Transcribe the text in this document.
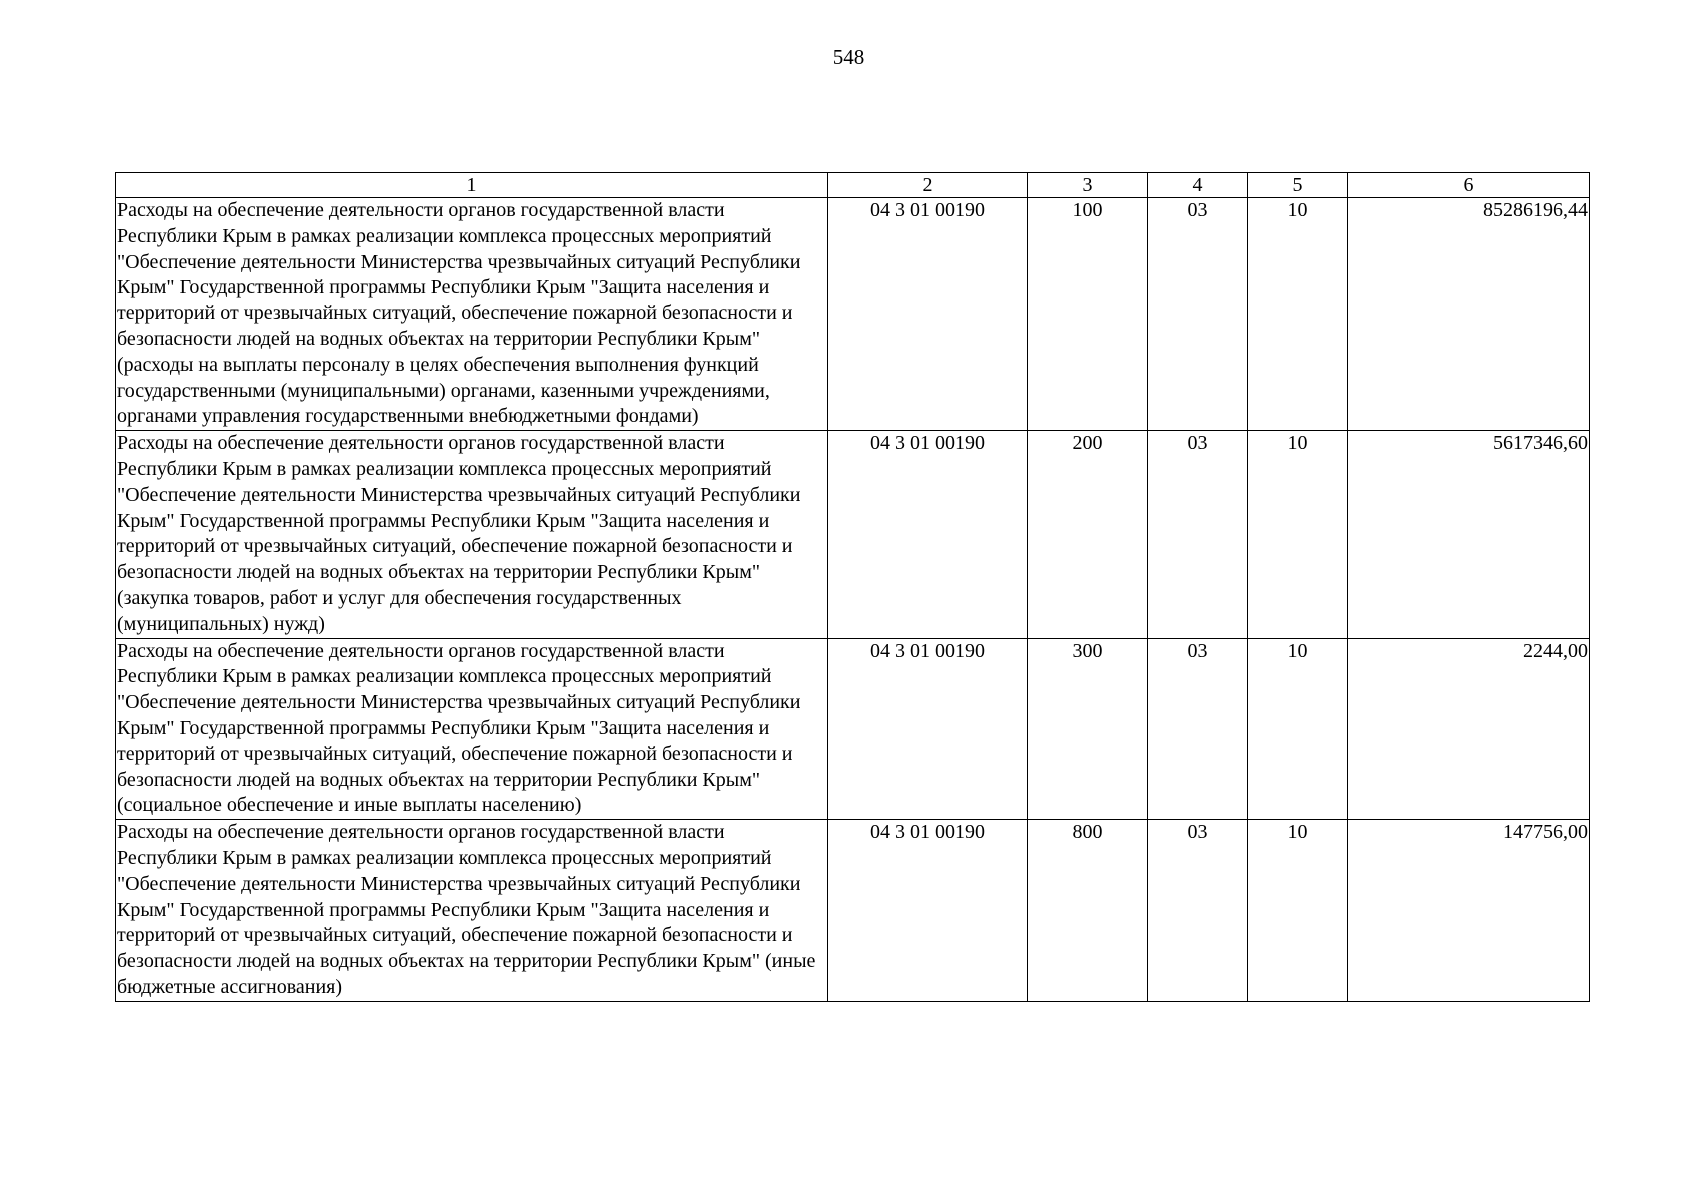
548
1	2	3	4	5	6
Расходы на обеспечение деятельности органов государственной власти Республики Крым в рамках реализации комплекса процессных мероприятий "Обеспечение деятельности Министерства чрезвычайных ситуаций Республики Крым" Государственной программы Республики Крым "Защита населения и территорий от чрезвычайных ситуаций, обеспечение пожарной безопасности и безопасности людей на водных объектах на территории Республики Крым" (расходы на выплаты персоналу в целях обеспечения выполнения функций государственными (муниципальными) органами, казенными учреждениями, органами управления государственными внебюджетными фондами)	04 3 01 00190	100	03	10	85286196,44
Расходы на обеспечение деятельности органов государственной власти Республики Крым в рамках реализации комплекса процессных мероприятий "Обеспечение деятельности Министерства чрезвычайных ситуаций Республики Крым" Государственной программы Республики Крым "Защита населения и территорий от чрезвычайных ситуаций, обеспечение пожарной безопасности и безопасности людей на водных объектах на территории Республики Крым" (закупка товаров, работ и услуг для обеспечения государственных (муниципальных) нужд)	04 3 01 00190	200	03	10	5617346,60
Расходы на обеспечение деятельности органов государственной власти Республики Крым в рамках реализации комплекса процессных мероприятий "Обеспечение деятельности Министерства чрезвычайных ситуаций Республики Крым" Государственной программы Республики Крым "Защита населения и территорий от чрезвычайных ситуаций, обеспечение пожарной безопасности и безопасности людей на водных объектах на территории Республики Крым" (социальное обеспечение и иные выплаты населению)	04 3 01 00190	300	03	10	2244,00
Расходы на обеспечение деятельности органов государственной власти Республики Крым в рамках реализации комплекса процессных мероприятий "Обеспечение деятельности Министерства чрезвычайных ситуаций Республики Крым" Государственной программы Республики Крым "Защита населения и территорий от чрезвычайных ситуаций, обеспечение пожарной безопасности и безопасности людей на водных объектах на территории Республики Крым" (иные бюджетные ассигнования)	04 3 01 00190	800	03	10	147756,00
